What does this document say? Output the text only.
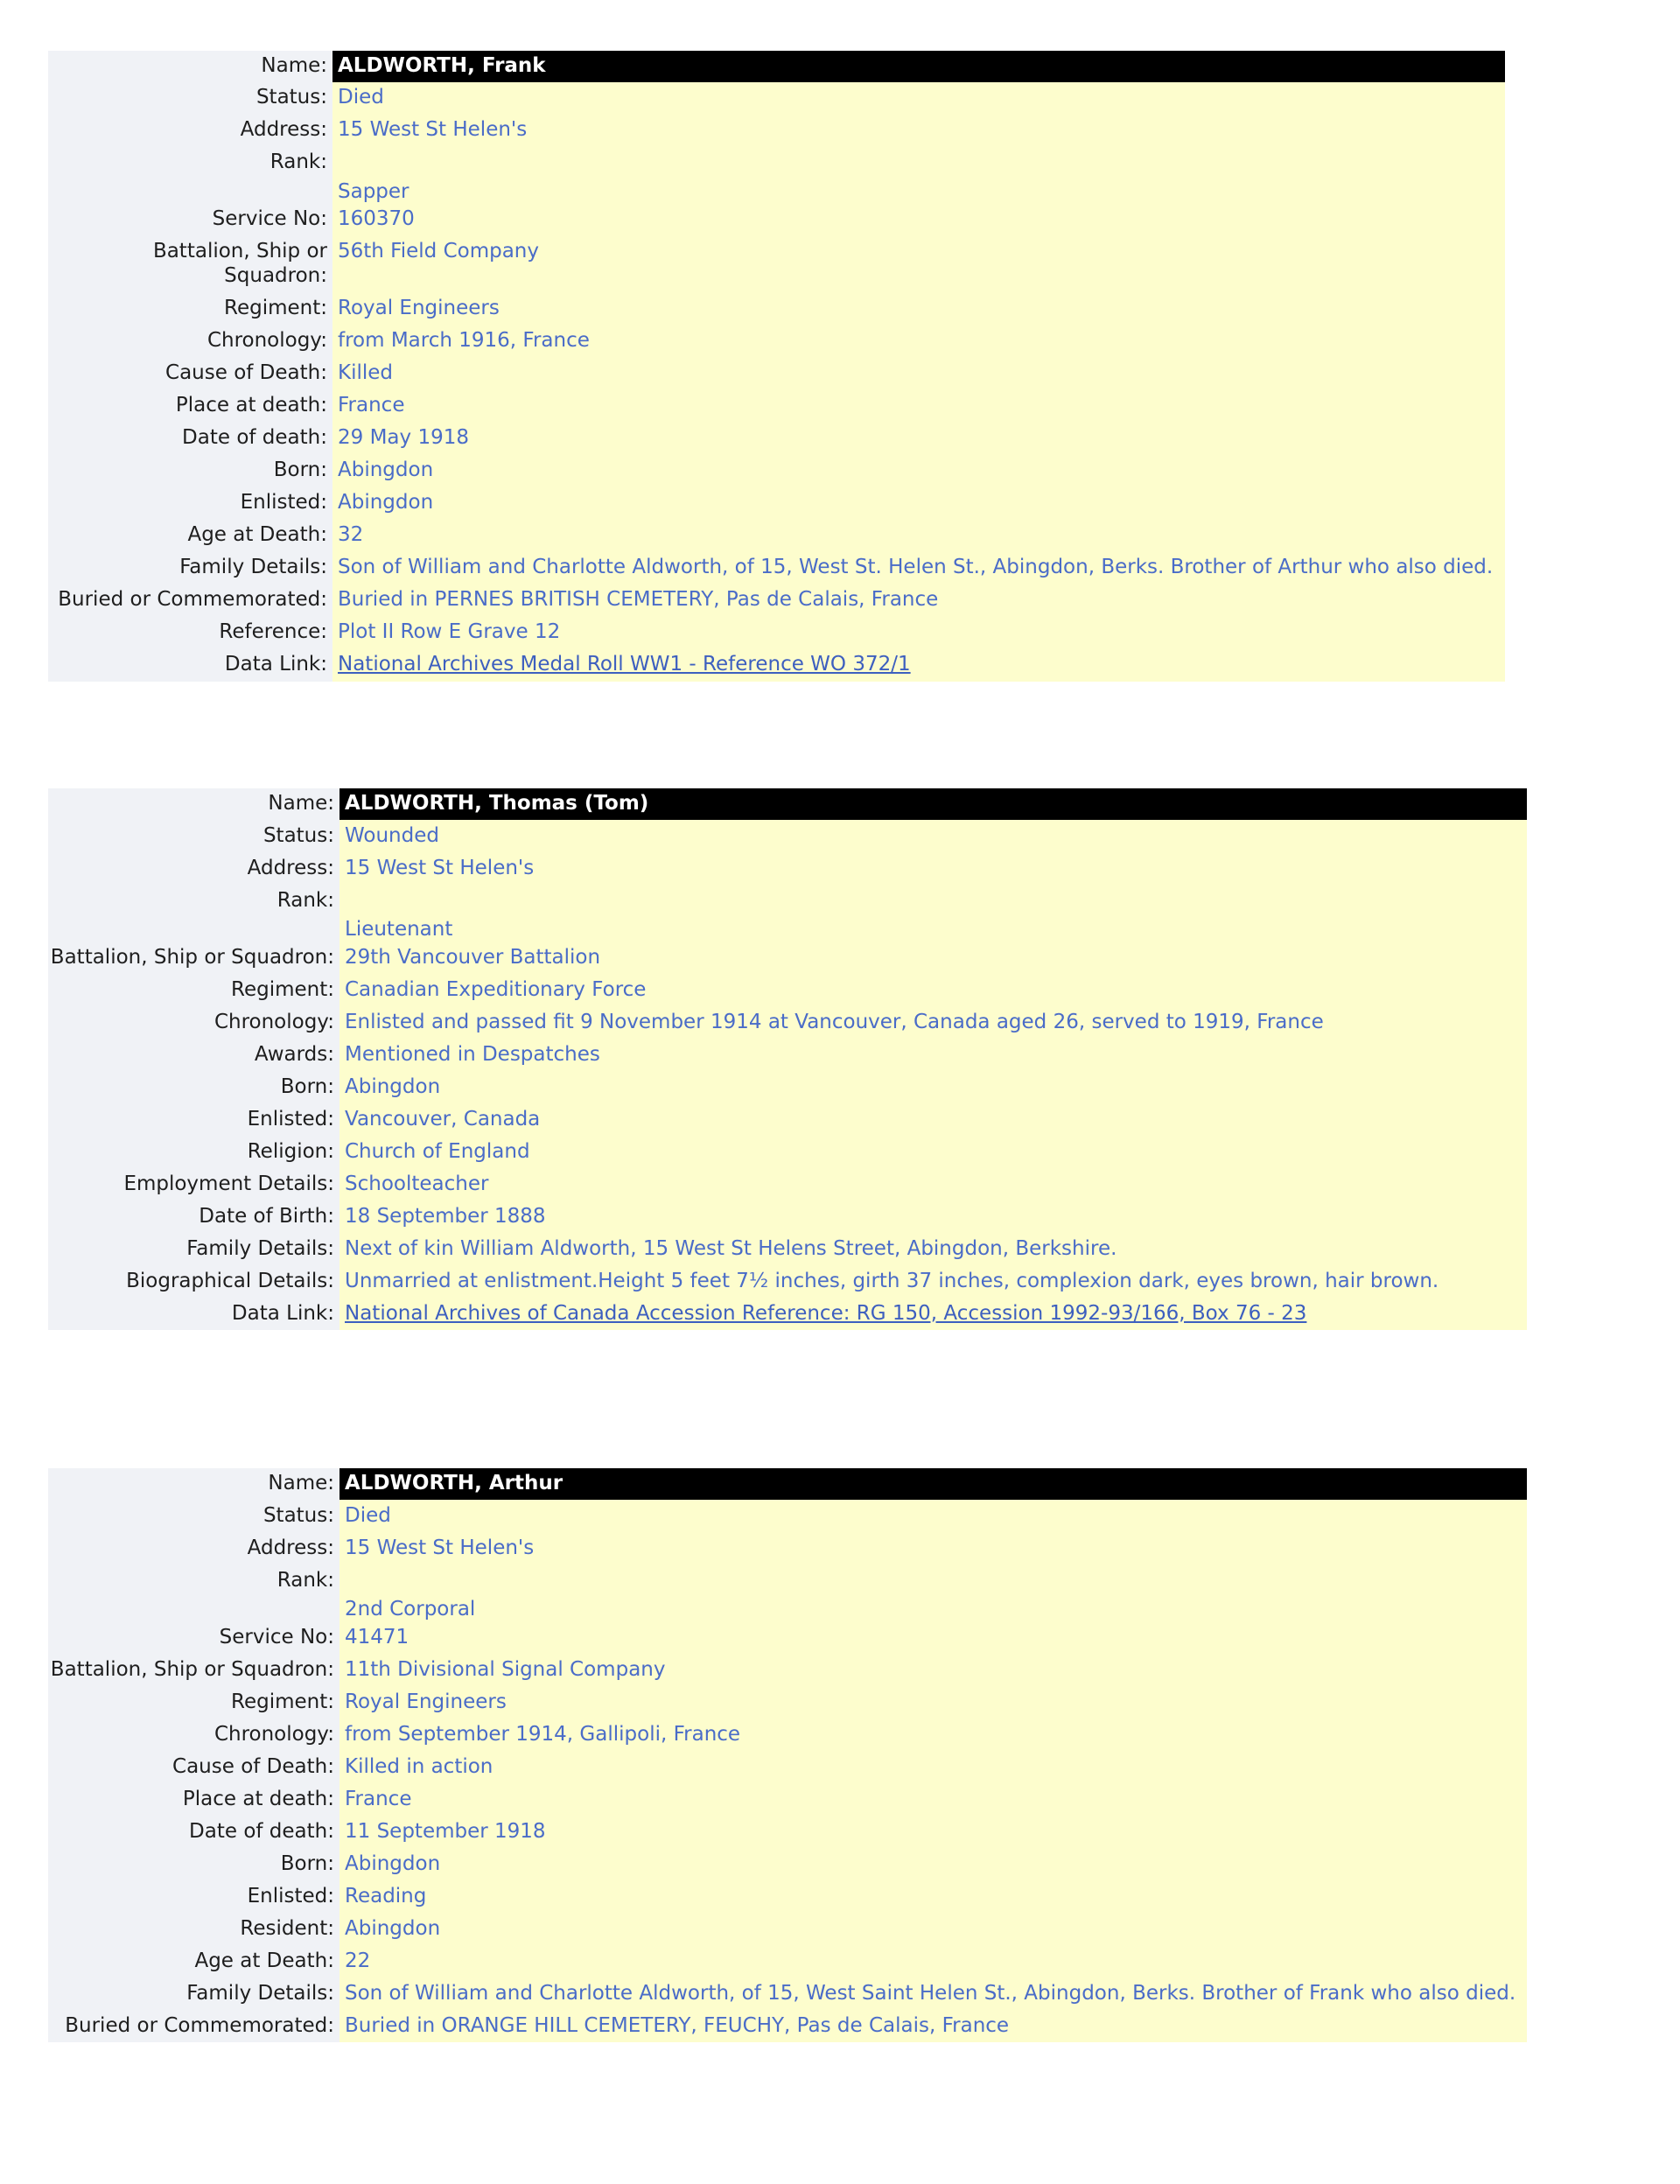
Name: ALDWORTH, Frank
Status: Died
Address: 15 West St Helen's
Rank:
Sapper
Service No: 160370
Battalion, Ship or Squadron:
56th Field Company
Regiment: Royal Engineers
Chronology: from March 1916, France
Cause of Death: Killed
Place at death: France
Date of death: 29 May 1918
Born: Abingdon
Enlisted: Abingdon
Age at Death: 32
Family Details: Son of William and Charlotte Aldworth, of 15, West St. Helen St., Abingdon, Berks. Brother of Arthur who also died.
Buried or Commemorated: Buried in PERNES BRITISH CEMETERY, Pas de Calais, France
Reference: Plot II Row E Grave 12
Data Link: National Archives Medal Roll WW1 - Reference WO 372/1
Name: ALDWORTH, Thomas (Tom)
Status: Wounded
Address: 15 West St Helen's
Rank:
Lieutenant
Battalion, Ship or Squadron: 29th Vancouver Battalion
Regiment: Canadian Expeditionary Force
Chronology: Enlisted and passed fit 9 November 1914 at Vancouver, Canada aged 26, served to 1919, France
Awards: Mentioned in Despatches
Born: Abingdon
Enlisted: Vancouver, Canada
Religion: Church of England
Employment Details: Schoolteacher
Date of Birth: 18 September 1888
Family Details: Next of kin William Aldworth, 15 West St Helens Street, Abingdon, Berkshire.
Biographical Details: Unmarried at enlistment.Height 5 feet 7½ inches, girth 37 inches, complexion dark, eyes brown, hair brown.
Data Link: National Archives of Canada Accession Reference: RG 150, Accession 1992-93/166, Box 76 - 23
Name: ALDWORTH, Arthur
Status: Died
Address: 15 West St Helen's
Rank:
2nd Corporal
Service No: 41471
Battalion, Ship or Squadron: 11th Divisional Signal Company
Regiment: Royal Engineers
Chronology: from September 1914, Gallipoli, France
Cause of Death: Killed in action
Place at death: France
Date of death: 11 September 1918
Born: Abingdon
Enlisted: Reading
Resident: Abingdon
Age at Death: 22
Family Details: Son of William and Charlotte Aldworth, of 15, West Saint Helen St., Abingdon, Berks. Brother of Frank who also died.
Buried or Commemorated: Buried in ORANGE HILL CEMETERY, FEUCHY, Pas de Calais, France
